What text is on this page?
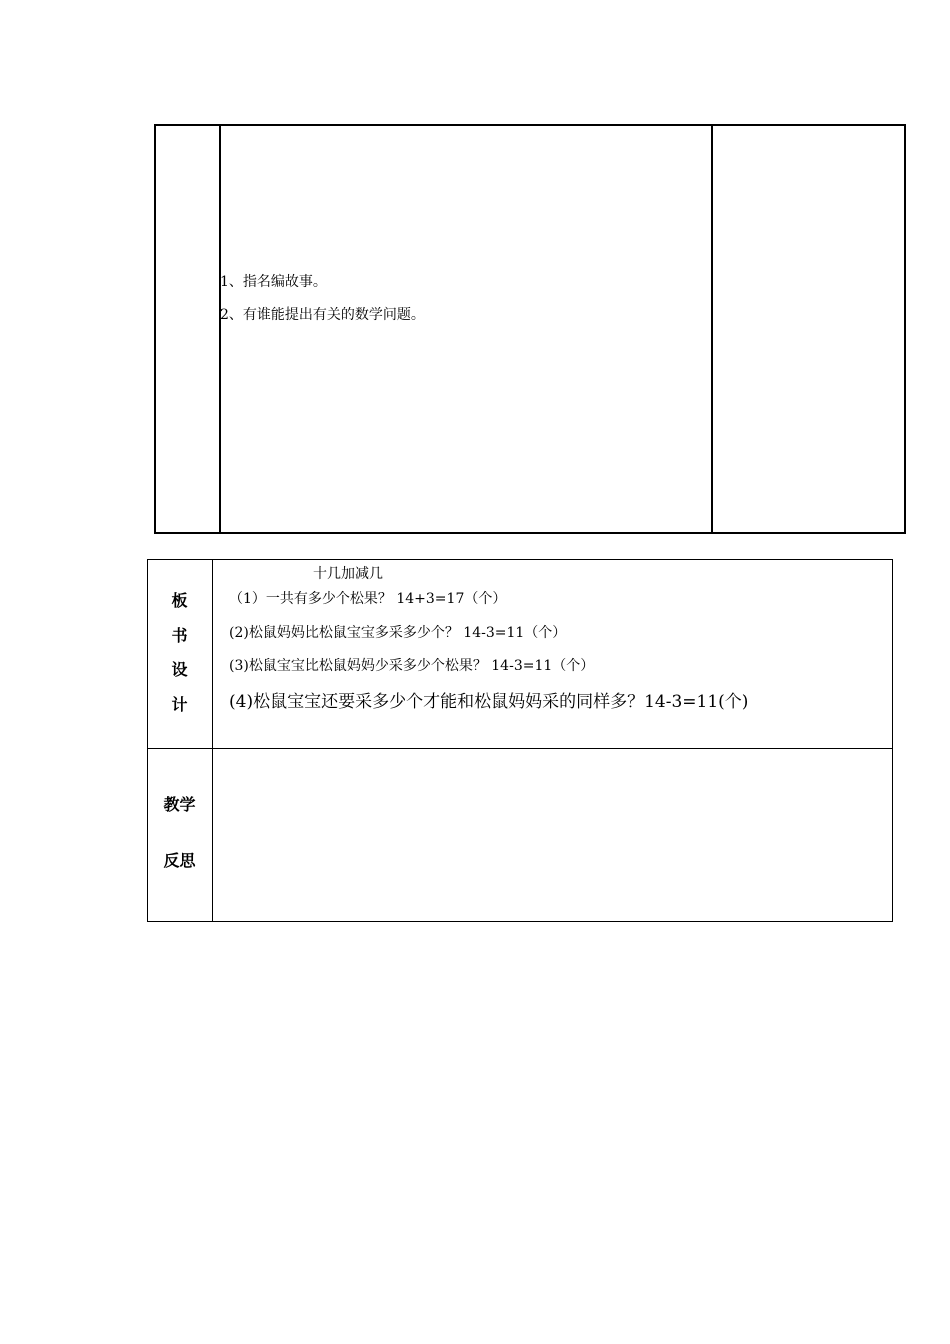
1、指名编故事。
2、有谁能提出有关的数学问题。
板
书
设
计
十几加减几
（1）一共有多少个松果？ 14+3=17（个）
(2)松鼠妈妈比松鼠宝宝多采多少个？ 14-3=11（个）
(3)松鼠宝宝比松鼠妈妈少采多少个松果？ 14-3=11（个）
(4)松鼠宝宝还要采多少个才能和松鼠妈妈采的同样多？14-3=11(个)
教学
反思
